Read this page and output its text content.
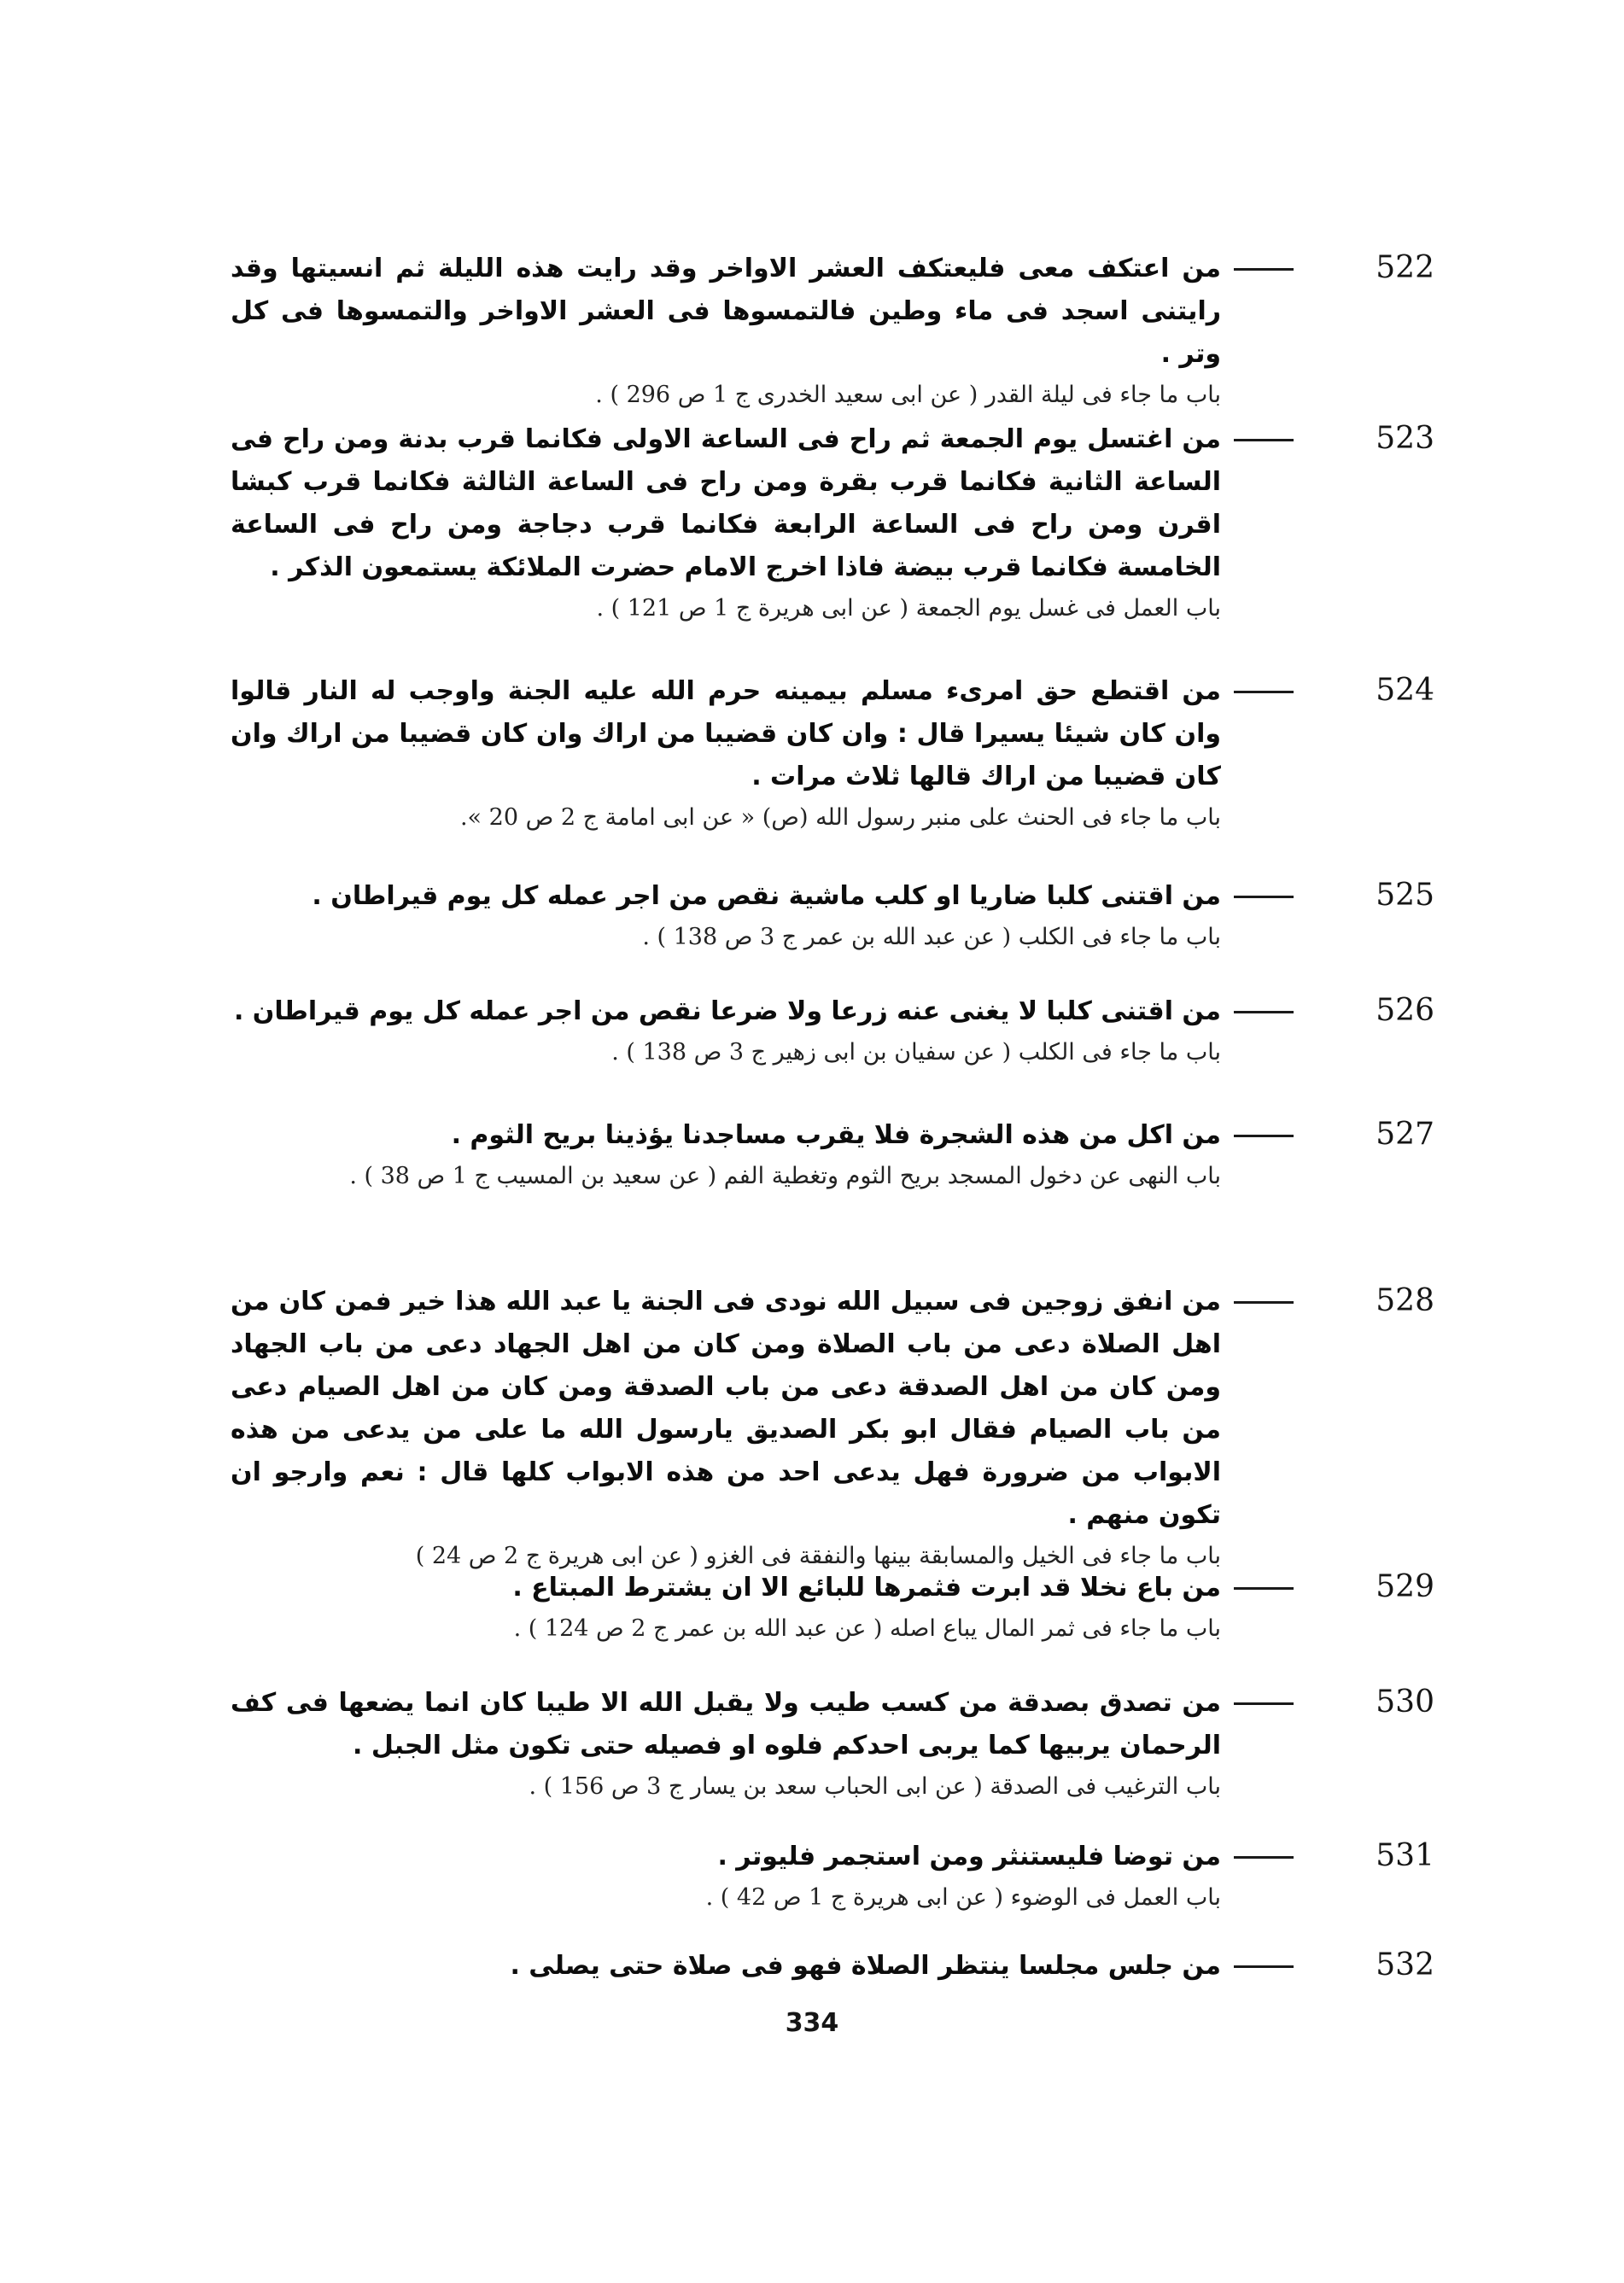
522

من اعتكف معى فليعتكف العشر الاواخر وقد رايت هذه الليلة ثم انسيتها وقد رايتنى اسجد فى ماء وطين فالتمسوها فى العشر الاواخر والتمسوها فى كل وتر .

باب ما جاء فى ليلة القدر ( عن ابى سعيد الخدرى ج 1 ص 296 ) .

523

من اغتسل يوم الجمعة ثم راح فى الساعة الاولى فكانما قرب بدنة ومن راح فى الساعة الثانية فكانما قرب بقرة ومن راح فى الساعة الثالثة فكانما قرب كبشا اقرن ومن راح فى الساعة الرابعة فكانما قرب دجاجة ومن راح فى الساعة الخامسة فكانما قرب بيضة فاذا اخرج الامام حضرت الملائكة يستمعون الذكر .

باب العمل فى غسل يوم الجمعة ( عن ابى هريرة ج 1 ص 121 ) .

524

من اقتطع حق امرىء مسلم بيمينه حرم الله عليه الجنة واوجب له النار قالوا وان كان شيئا يسيرا قال : وان كان قضيبا من اراك وان كان قضيبا من اراك وان كان قضيبا من اراك قالها ثلاث مرات .

باب ما جاء فى الحنث على منبر رسول الله (ص) « عن ابى امامة ج 2 ص 20 ».

525

من اقتنى كلبا ضاريا او كلب ماشية نقص من اجر عمله كل يوم قيراطان .

باب ما جاء فى الكلب ( عن عبد الله بن عمر ج 3 ص 138 ) .

526

من اقتنى كلبا لا يغنى عنه زرعا ولا ضرعا نقص من اجر عمله كل يوم قيراطان .

باب ما جاء فى الكلب ( عن سفيان بن ابى زهير ج 3 ص 138 ) .

527

من اكل من هذه الشجرة فلا يقرب مساجدنا يؤذينا بريح الثوم .

باب النهى عن دخول المسجد بريح الثوم وتغطية الفم ( عن سعيد بن المسيب ج 1 ص 38 ) .

528

من انفق زوجين فى سبيل الله نودى فى الجنة يا عبد الله هذا خير فمن كان من اهل الصلاة دعى من باب الصلاة ومن كان من اهل الجهاد دعى من باب الجهاد ومن كان من اهل الصدقة دعى من باب الصدقة ومن كان من اهل الصيام دعى من باب الصيام فقال ابو بكر الصديق يارسول الله ما على من يدعى من هذه الابواب من ضرورة فهل يدعى احد من هذه الابواب كلها قال : نعم وارجو ان تكون منهم .

باب ما جاء فى الخيل والمسابقة بينها والنفقة فى الغزو ( عن ابى هريرة ج 2 ص 24 )

529

من باع نخلا قد ابرت فثمرها للبائع الا ان يشترط المبتاع .

باب ما جاء فى ثمر المال يباع اصله ( عن عبد الله بن عمر ج 2 ص 124 ) .

530

من تصدق بصدقة من كسب طيب ولا يقبل الله الا طيبا كان انما يضعها فى كف الرحمان يربيها كما يربى احدكم فلوه او فصيله حتى تكون مثل الجبل .

باب الترغيب فى الصدقة ( عن ابى الحباب سعد بن يسار ج 3 ص 156 ) .

531

من توضا فليستنثر ومن استجمر فليوتر .

باب العمل فى الوضوء ( عن ابى هريرة ج 1 ص 42 ) .

532

من جلس مجلسا ينتظر الصلاة فهو فى صلاة حتى يصلى .

334
